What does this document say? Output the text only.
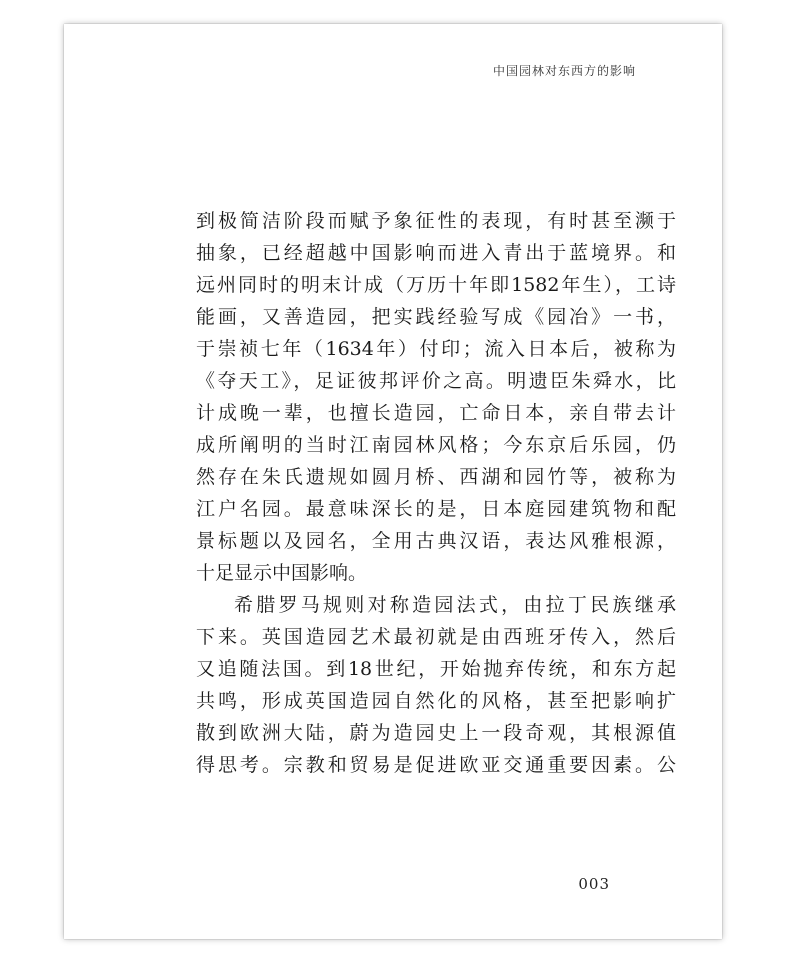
中国园林对东西方的影响
到极简洁阶段而赋予象征性的表现，有时甚至濒于
抽象，已经超越中国影响而进入青出于蓝境界。和
远州同时的明末计成（万历十年即1582年生），工诗
能画，又善造园，把实践经验写成《园冶》一书，
于崇祯七年（1634年）付印；流入日本后，被称为
《夺天工》，足证彼邦评价之高。明遗臣朱舜水，比
计成晚一辈，也擅长造园，亡命日本，亲自带去计
成所阐明的当时江南园林风格；今东京后乐园，仍
然存在朱氏遗规如圆月桥、西湖和园竹等，被称为
江户名园。最意味深长的是，日本庭园建筑物和配
景标题以及园名，全用古典汉语，表达风雅根源，
十足显示中国影响。
希腊罗马规则对称造园法式，由拉丁民族继承
下来。英国造园艺术最初就是由西班牙传入，然后
又追随法国。到18世纪，开始抛弃传统，和东方起
共鸣，形成英国造园自然化的风格，甚至把影响扩
散到欧洲大陆，蔚为造园史上一段奇观，其根源值
得思考。宗教和贸易是促进欧亚交通重要因素。公
003
